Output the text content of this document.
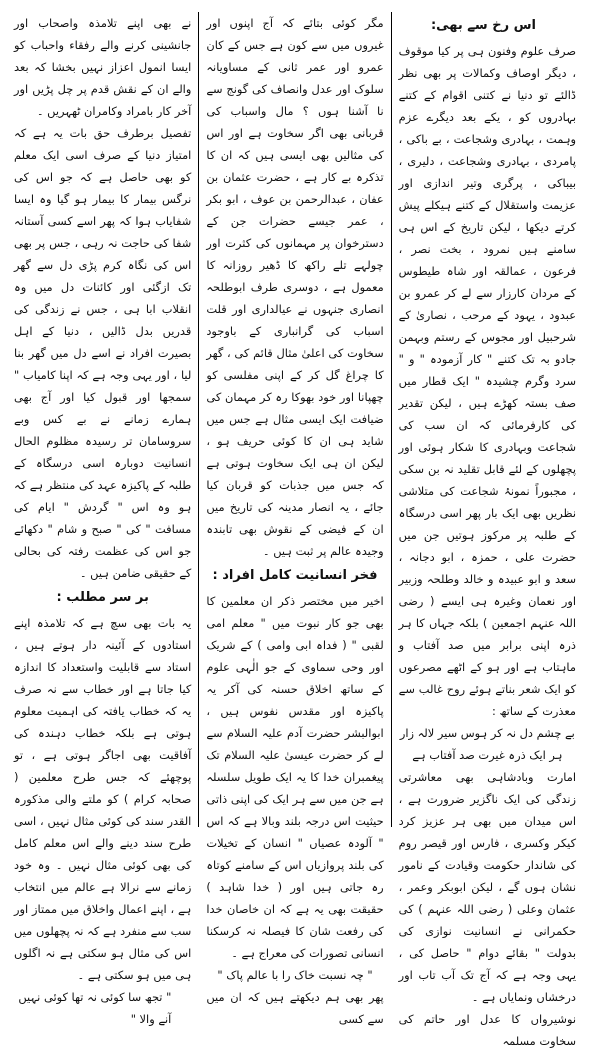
اس رخ سے بھی:

صرف علوم وفنون ہی پر کیا موقوف ، دیگر اوصاف وکمالات پر بھی نظر ڈالئے تو دنیا نے کتنی اقوام کے کتنے بہادروں کو ، یکے بعد دیگرے عزم وہمت ، بہادری وشجاعت ، بے باکی ، پامردی ، بہادری وشجاعت ، دلیری ، بیباکی ، پرگری وتیر اندازی اور عزیمت واستقلال کے کتنے ہیکلے پیش کرتے دیکھا ، لیکن تاریخ کے اس ہی سامنے ہیں نمرود ، بخت نصر ، فرعون ، عمالقہ اور شاہ طیطوس کے مردان کارزار سے لے کر عمرو بن عبدود ، یہود کے مرحب ، نصاریٰ کے شرحبیل اور مجوس کے رستم وبہمن جادو بہ تک کتنے " کار آزمودہ " و " سرد وگرم چشیدہ " ایک قطار میں صف بستہ کھڑے ہیں ، لیکن تقدیر کی کارفرمائی کہ ان سب کی شجاعت وبہادری کا شکار ہوئی اور پچھلوں کے لئے قابل تقلید نہ بن سکی ، مجبوراً نمونۂ شجاعت کی متلاشی نظریں بھی ایک بار پھر اسی درسگاہ کے طلبہ پر مرکوز ہوتیں جن میں حضرت علی ، حمزہ ، ابو دجانہ ، سعد و ابو عبیدہ و خالد وطلحہ وزبیر اور نعمان وغیرہ ہی ایسے ( رضی اللہ عنہم اجمعین ) بلکہ جہاں کا ہر ذرہ اپنی برابر میں صد آفتاب و ماہتاب ہے اور ہو کے اٹھے مصرعوں کو ایک شعر بناتے ہوئے روح غالب سے معذرت کے ساتھ :

بے چشم دل نہ کر ہوس سیر لالہ زار
ہر ایک ذرہ غیرت صد آفتاب ہے

امارت وبادشاہی بھی معاشرتی زندگی کی ایک ناگزیر ضرورت ہے ، اس میدان میں بھی ہر عزیز کرد کیکر وکسری ، فارس اور قیصر روم کی شاندار حکومت وقیادت کے نامور نشان ہوں گے ، لیکن ابوبکر وعمر ، عثمان وعلی ( رضی اللہ عنہم ) کی حکمرانی نے انسانیت نوازی کی بدولت " بقائے دوام " حاصل کی ، یہی وجہ ہے کہ آج تک آب تاب اور درخشاں ونمایاں ہے ۔

نوشیرواں کا عدل اور حاتم کی سخاوت مسلمہ

مگر کوئی بتائے کہ آج اپنوں اور غیروں میں سے کون ہے جس کے کان عمرو اور عمر ثانی کے مساویانہ سلوک اور عدل وانصاف کی گونج سے نا آشنا ہوں ؟ مال واسباب کی قربانی بھی اگر سخاوت ہے اور اس کی مثالیں بھی ایسی ہیں کہ ان کا تذکرہ بے کار ہے ، حضرت عثمان بن عفان ، عبدالرحمن بن عوف ، ابو بکر ، عمر جیسے حضرات جن کے دسترخوان پر مہمانوں کی کثرت اور چولہے تلے راکھ کا ڈھیر روزانہ کا معمول ہے ، دوسری طرف ابوطلحہ انصاری جنہوں نے عیالداری اور قلت اسباب کی گرانباری کے باوجود سخاوت کی اعلیٰ مثال قائم کی ، گھر کا چراغ گل کر کے اپنی مفلسی کو چھپانا اور خود بھوکا رہ کر مہمان کی ضیافت ایک ایسی مثال ہے جس میں شاید ہی ان کا کوئی حریف ہو ، لیکن ان ہی ایک سخاوت ہوتی ہے کہ جس میں جذبات کو قربان کیا جائے ، یہ انصار مدینہ کی تاریخ میں ان کے فیضی کے نقوش بھی تابندہ وجیدہ عالم پر ثبت ہیں ۔

فخر انسانیت کامل افراد :

اخیر میں مختصر ذکر ان معلمین کا بھی جو کار نبوت میں " معلم امی لقبی " ( فداہ ابی وامی ) کے شریک اور وحی سماوی کے جو الٰہی علوم کے ساتھ اخلاق حسنہ کی آکر یہ پاکیزہ اور مقدس نفوس ہیں ، ابوالبشر حضرت آدم علیہ السلام سے لے کر حضرت عیسیٰ علیہ السلام تک پیغمبران خدا کا یہ ایک طویل سلسلہ ہے جن میں سے ہر ایک کی اپنی ذاتی حیثیت اس درجہ بلند وبالا ہے کہ اس " آلودہ عصیاں " انسان کے تخیلات کی بلند پروازیاں اس کے سامنے کوتاہ رہ جاتی ہیں اور ( خدا شاہد ) حقیقت بھی یہ ہے کہ ان خاصان خدا کی رفعت شان کا فیصلہ نہ کرسکنا انسانی تصورات کی معراج ہے ۔

" چہ نسبت خاک را با عالم پاک "

پھر بھی ہم دیکھتے ہیں کہ ان میں سے کسی

نے بھی اپنے تلامذہ واصحاب اور جانشینی کرنے والے رفقاء واحباب کو ایسا انمول اعزاز نہیں بخشا کہ بعد والے ان کے نقش قدم پر چل پڑیں اور آخر کار بامراد وکامران ٹھہریں ۔

تفصیل برطرف حق بات یہ ہے کہ امتیاز دنیا کے صرف اسی ایک معلم کو بھی حاصل ہے کہ جو اس کی نرگس بیمار کا بیمار ہو گیا وہ ایسا شفایاب ہوا کہ پھر اسے کسی آستانہ شفا کی حاجت نہ رہی ، جس پر بھی اس کی نگاہ کرم پڑی دل سے گھر تک ازگئی اور کائنات دل میں وہ انقلاب ابا ہی ، جس نے زندگی کی قدریں بدل ڈالیں ، دنیا کے اہل بصیرت افراد نے اسے دل میں گھر بنا لیا ، اور یہی وجہ ہے کہ اپنا کامیاب " سمجھا اور قبول کیا اور آج بھی ہمارے زمانے نے بے کس وبے سروسامان تر رسیدہ مظلوم الحال انسانیت دوبارہ اسی درسگاہ کے طلبہ کے پاکیزہ عہد کی منتظر ہے کہ ہو وہ اس " گردش " ایام کی مسافت " کی " صبح و شام " دکھائے جو اس کی عظمت رفتہ کی بحالی کے حقیقی ضامن ہیں ۔

بر سر مطلب :

یہ بات بھی سچ ہے کہ تلامذہ اپنے استادوں کے آئینہ دار ہوتے ہیں ، استاد سے قابلیت واستعداد کا اندازہ کیا جاتا ہے اور خطاب سے نہ صرف یہ کہ خطاب یافتہ کی اہمیت معلوم ہوتی ہے بلکہ خطاب دہندہ کی آفاقیت بھی اجاگر ہوتی ہے ، تو پوچھئے کہ جس طرح معلمین ( صحابہ کرام ) کو ملتے والی مذکورہ القدر سند کی کوئی مثال نہیں ، اسی طرح سند دینے والے اس معلم کامل کی بھی کوئی مثال نہیں ۔ وہ خود زمانے سے نرالا ہے عالم میں انتخاب ہے ، اپنے اعمال واخلاق میں ممتاز اور سب سے منفرد ہے کہ نہ پچھلوں میں اس کی مثال ہو سکتی ہے نہ اگلوں ہی میں ہو سکتی ہے ۔

" تجھ سا کوئی نہ تھا کوئی نہیں آنے والا "
